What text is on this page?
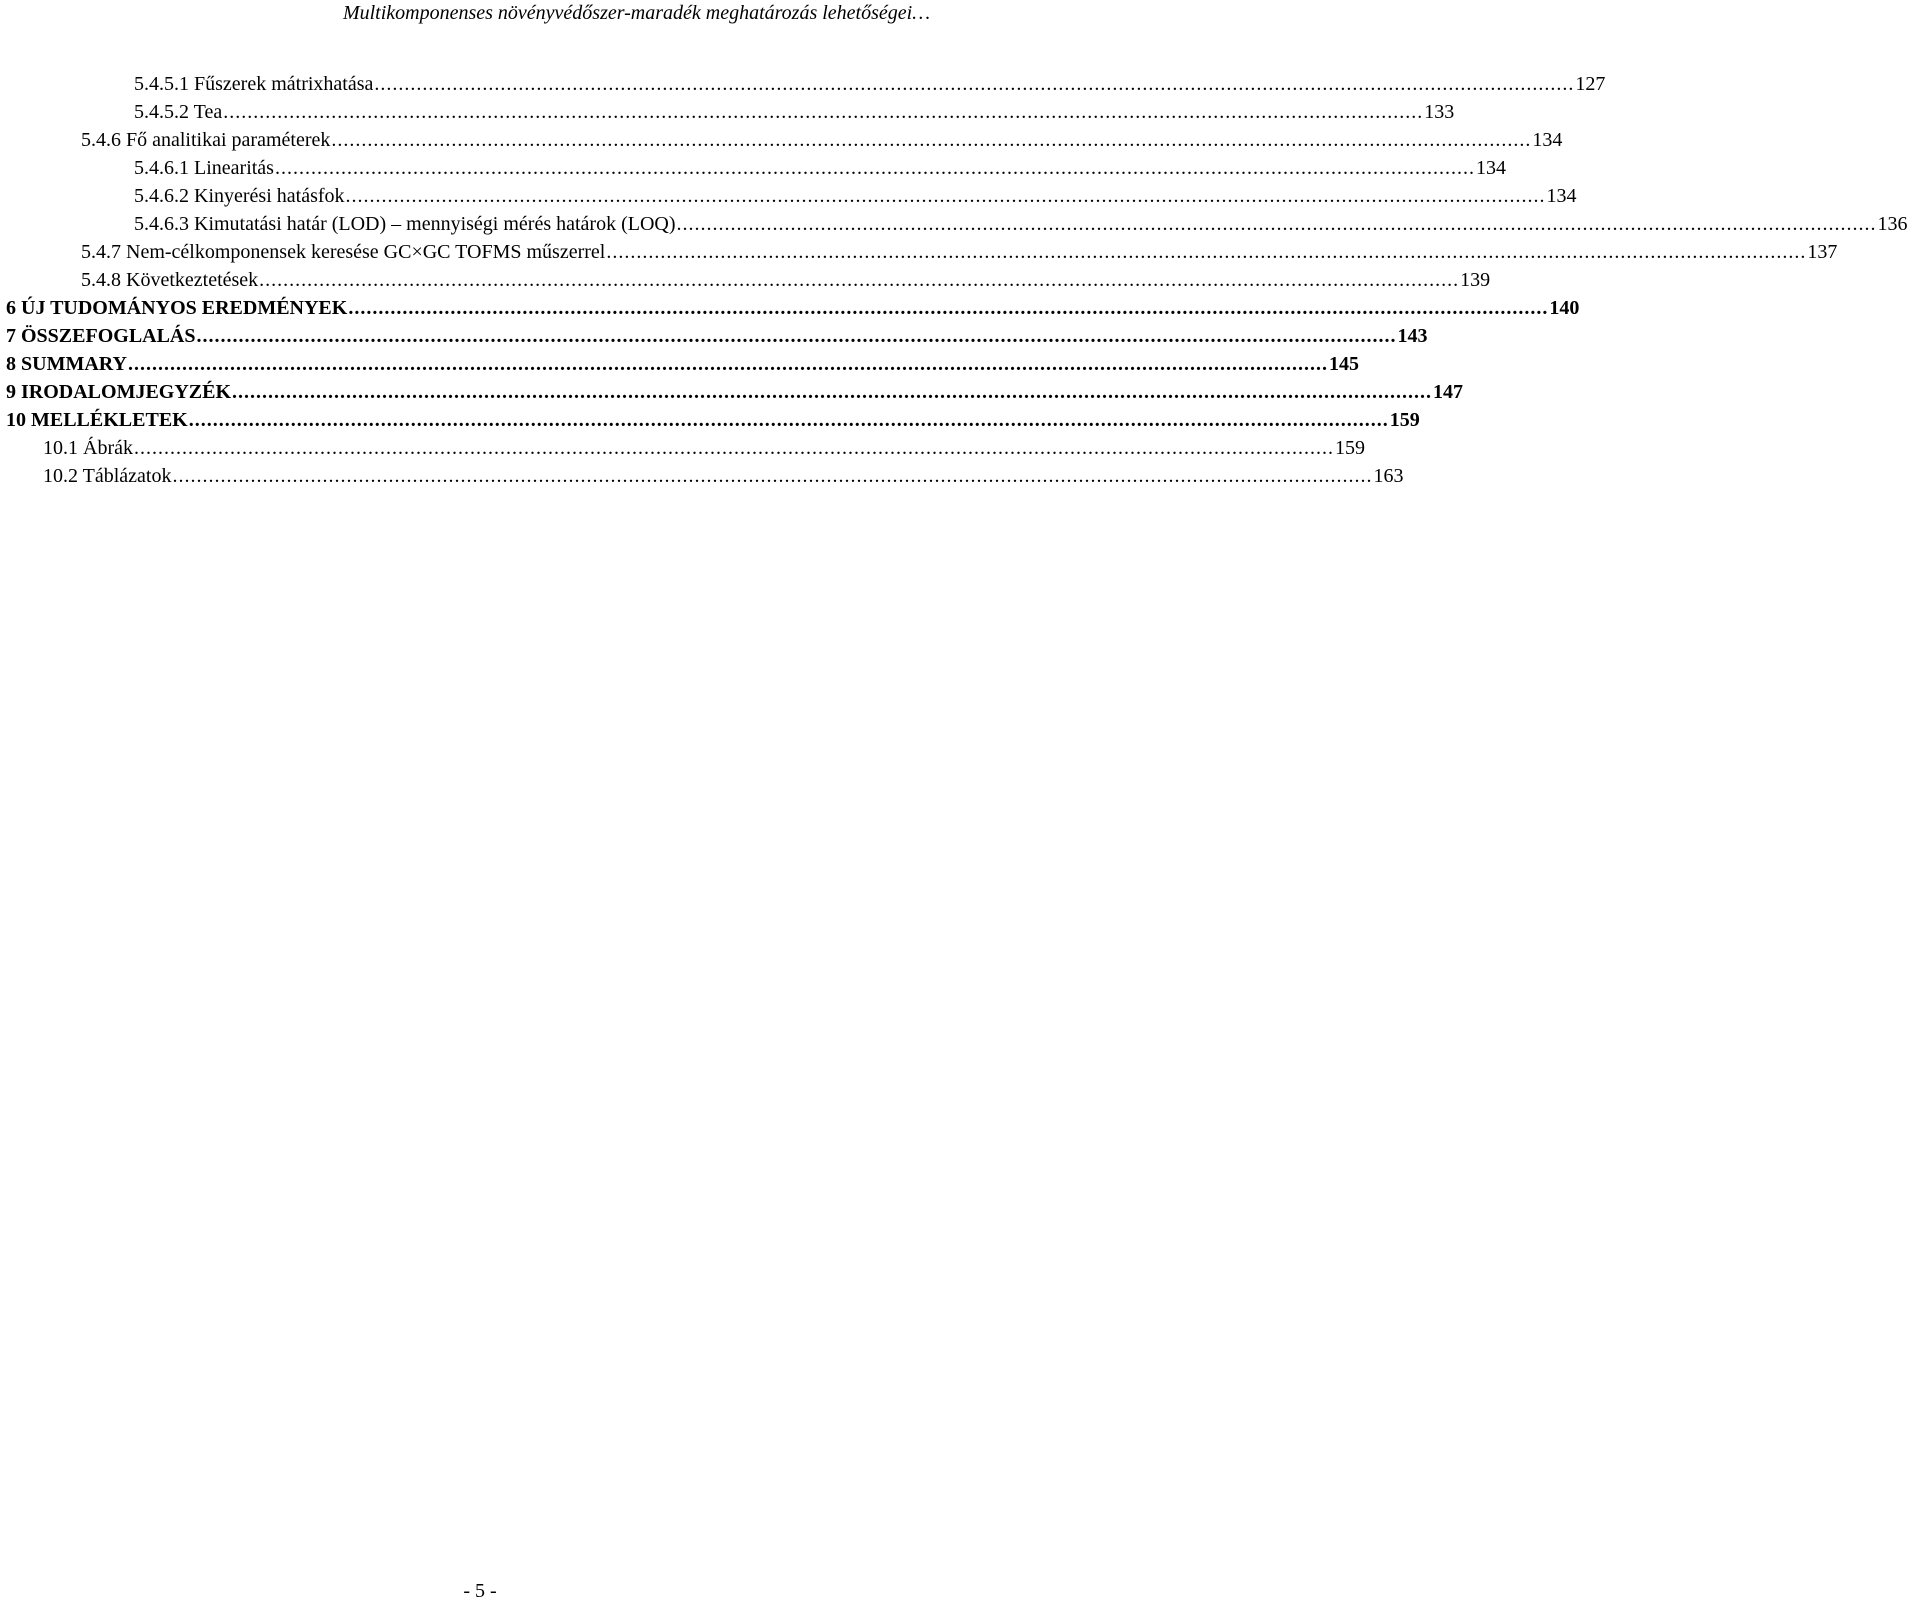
Multikomponenses növényvédőszer-maradék meghatározás lehetőségei…
5.4.5.1 Fűszerek mátrixhatása ........................................................................................................................................................................................................ 127
5.4.5.2 Tea ........................................................................................................................................................................................................ 133
5.4.6 Fő analitikai paraméterek ........................................................................................................................................................................................................ 134
5.4.6.1 Linearitás ........................................................................................................................................................................................................ 134
5.4.6.2 Kinyerési hatásfok ........................................................................................................................................................................................................ 134
5.4.6.3 Kimutatási határ (LOD) – mennyiségi mérés határok (LOQ) ........................................................................................................................................................................................................ 136
5.4.7 Nem-célkomponensek keresése GC×GC TOFMS műszerrel ........................................................................................................................................................................................................ 137
5.4.8 Következtetések ........................................................................................................................................................................................................ 139
6 ÚJ TUDOMÁNYOS EREDMÉNYEK ........................................................................................................................................................................................................ 140
7 ÖSSZEFOGLALÁS ........................................................................................................................................................................................................ 143
8 SUMMARY ........................................................................................................................................................................................................ 145
9 IRODALOMJEGYZÉK ........................................................................................................................................................................................................ 147
10 MELLÉKLETEK ........................................................................................................................................................................................................ 159
10.1 Ábrák ........................................................................................................................................................................................................ 159
10.2 Táblázatok ........................................................................................................................................................................................................ 163
- 5 -
